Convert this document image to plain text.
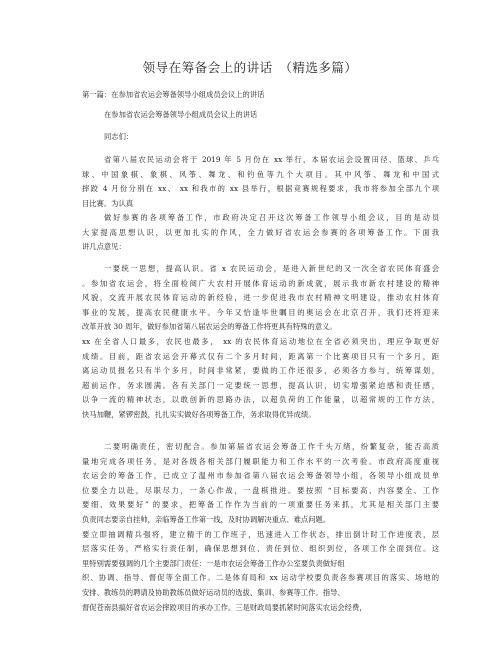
领导在筹备会上的讲话　（精选多篇）
第一篇：在参加省农运会筹备领导小组成员会议上的讲话
在参加省农运会筹备领导小组成员会议上的讲话
同志们：
省第八届农民运动会将于 2019 年 5 月份在 xx 举行，本届农运会设置田径、篮球、乒乓
球、中国象棋、象棋、风筝、舞龙、和钓鱼等九个大项目。其中风筝、舞龙和中国式
摔跤 4 月份分别在 xx、 xx 和我市的 xx 县举行，根据竞赛规程要求，我市将参加全部九个项
目比赛。为认真
做好参赛的各项筹备工作，市政府决定召开这次筹备工作领导小组会议，目的是动员
大家提高思想认识，以更加扎实的作风，全力做好省农运会参赛的各项筹备工作。下面我
讲几点意见：
一要统一思想，提高认识。省 x 农民运动会，是进入新世纪的又一次全省农民体育盛会
。参加省农运会，将全面检阅广大农村开展体育运动的新成就，展示我市新农村建设的精神
风貌，交流开展农民体育运动的新经验，进一步促进我市农村精神文明建设，推动农村体育
事业的发展，提高农民健康水平。今年又恰逢毕世瞩目的奥运会在北京召开，我们还将迎来
改革开放 30 周年，做好参加省第八届农运会的筹备工作将更具有特殊的意义。
xx 在全省人口最多，农民也最多， xx 的农民体育运动地位在全省必须突出，理应争取更好
成绩。目前，距省农运会开幕式仅有二个多月时间，距离第一个比赛项目只有一个多月，距
离运动员报名只有半个多月，时间非常紧，要做的工作还很多，必须各方参与，统筹谋划，
超前运作，务求圆满。各有关部门一定要统一思想，提高认识，切实增强紧迫感和责任感，
以争一流的精神状态，以敢创新的思路办法，以超负荷的工作能量，以超常规的工作方法，
快马加鞭，紧锣密鼓，扎扎实实做好各项筹备工作，务求取得优异成绩。
二要明确责任，密切配合。参加第届省农运会筹备工作千头万绪，纷繁复杂，能否高质
量地完成各项任务，是对各级各相关部门履职能力和工作水平的一次考验。市政府高度重视
农运会的筹备工作，已成立了温州市参加省第八届农运会筹备领导小组，各领导小组成员单
位要全力以赴，尽职尽力，一条心作战，一盘棋推进。要按照 “目标要高、内容要全、工作
要细、效果要好” 的要求，把筹备工作作为当前的一项重要任务来抓，尤其是相关部门主要
负责同志要亲自挂帅，亲临筹备工作第一线，及时协调解决重点、难点问题。
要立即抽调精兵强将，建立精干的工作班子，迅速进入工作状态，排出倒计时工作进度表，层
层落实任务，严格实行责任制，确保思想到位、责任到位、组织到位，各项工作全面到位。这
里特别需要强调的几个主要部门责任：一是市农运会筹备工作办公室要负责做好组
织、协调、指导、督促等全面工作。二是体育局和 xx 运动学校要负责各参赛项目的落实、场地的
安排、教练员的聘请及协助教练员做好运动员的选拔、集训、参赛等工作。指导、
督促苍南县搞好省农运会摔跤项目的承办工作。三是财政局要抓紧时间落实农运会经费，
